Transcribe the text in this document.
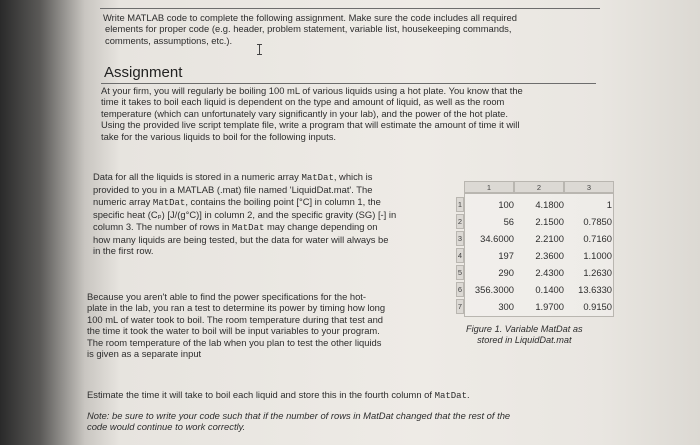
Write MATLAB code to complete the following assignment. Make sure the code includes all required
elements for proper code (e.g. header, problem statement, variable list, housekeeping commands,
comments, assumptions, etc.).
Assignment
At your firm, you will regularly be boiling 100 mL of various liquids using a hot plate. You know that the
time it takes to boil each liquid is dependent on the type and amount of liquid, as well as the room
temperature (which can unfortunately vary significantly in your lab), and the power of the hot plate.
Using the provided live script template file, write a program that will estimate the amount of time it will
take for the various liquids to boil for the following inputs.
Data for all the liquids is stored in a numeric array MatDat, which is
provided to you in a MATLAB (.mat) file named 'LiquidDat.mat'. The
numeric array MatDat, contains the boiling point [°C] in column 1, the
specific heat (Cₚ) [J/(g°C)] in column 2, and the specific gravity (SG) [-] in
column 3. The number of rows in MatDat may change depending on
how many liquids are being tested, but the data for water will always be
in the first row.
1	2	3
1
2
3
4
5
6
7
100	4.1800	1
56	2.1500	0.7850
34.6000	2.2100	0.7160
197	2.3600	1.1000
290	2.4300	1.2630
356.3000	0.1400	13.6330
300	1.9700	0.9150
Because you aren't able to find the power specifications for the hot-
plate in the lab, you ran a test to determine its power by timing how long
100 mL of water took to boil. The room temperature during that test and
the time it took the water to boil will be input variables to your program.
The room temperature of the lab when you plan to test the other liquids
is given as a separate input
Figure 1. Variable MatDat as
stored in LiquidDat.mat
Estimate the time it will take to boil each liquid and store this in the fourth column of MatDat.
Note: be sure to write your code such that if the number of rows in MatDat changed that the rest of the
code would continue to work correctly.
